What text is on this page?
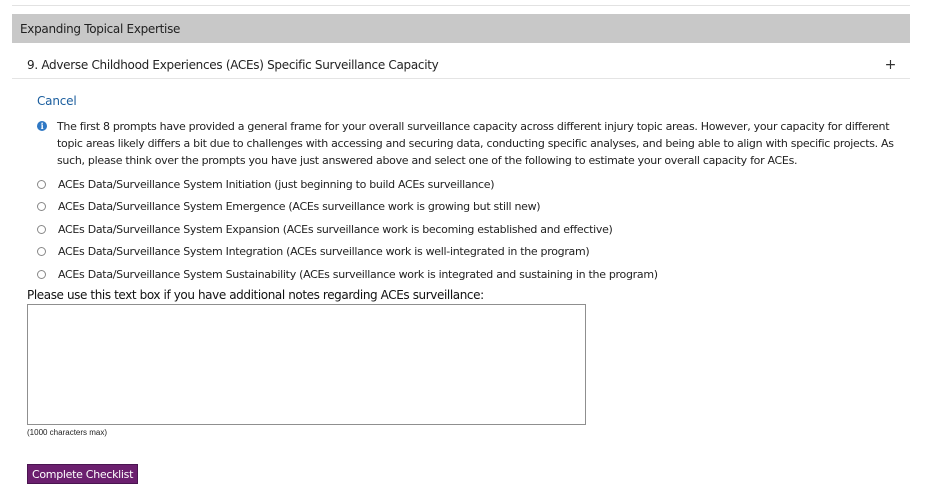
Expanding Topical Expertise
9. Adverse Childhood Experiences (ACEs) Specific Surveillance Capacity	+
Cancel
i	The first 8 prompts have provided a general frame for your overall surveillance capacity across different injury topic areas. However, your capacity for different topic areas likely differs a bit due to challenges with accessing and securing data, conducting specific analyses, and being able to align with specific projects. As such, please think over the prompts you have just answered above and select one of the following to estimate your overall capacity for ACEs.
ACEs Data/Surveillance System Initiation (just beginning to build ACEs surveillance)
ACEs Data/Surveillance System Emergence (ACEs surveillance work is growing but still new)
ACEs Data/Surveillance System Expansion (ACEs surveillance work is becoming established and effective)
ACEs Data/Surveillance System Integration (ACEs surveillance work is well-integrated in the program)
ACEs Data/Surveillance System Sustainability (ACEs surveillance work is integrated and sustaining in the program)
Please use this text box if you have additional notes regarding ACEs surveillance:
(1000 characters max)
Complete Checklist
